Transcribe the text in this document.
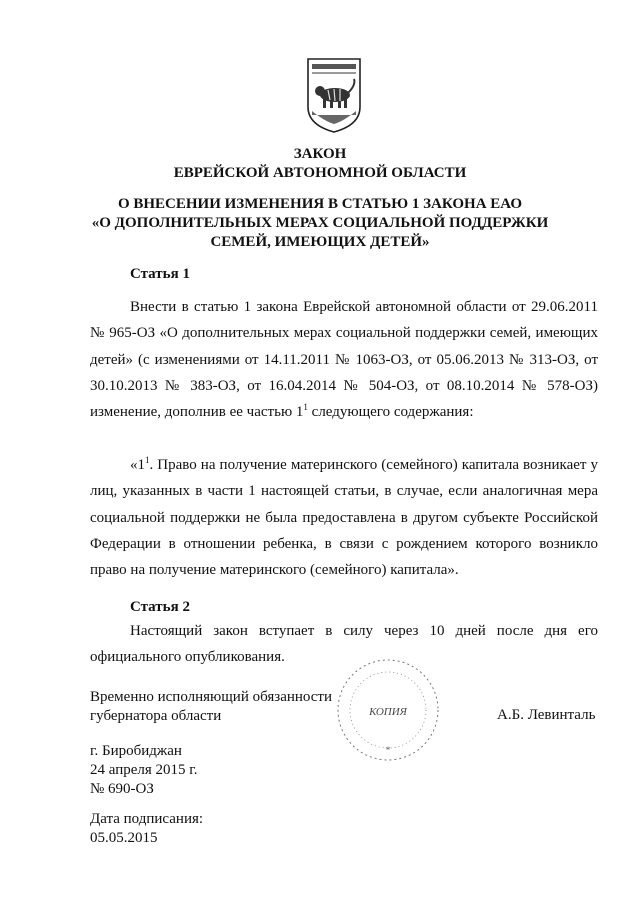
ЗАКОН
ЕВРЕЙСКОЙ АВТОНОМНОЙ ОБЛАСТИ
О ВНЕСЕНИИ ИЗМЕНЕНИЯ В СТАТЬЮ 1 ЗАКОНА ЕАО
«О ДОПОЛНИТЕЛЬНЫХ МЕРАХ СОЦИАЛЬНОЙ ПОДДЕРЖКИ
СЕМЕЙ, ИМЕЮЩИХ ДЕТЕЙ»
Статья 1
Внести в статью 1 закона Еврейской автономной области от 29.06.2011 № 965-ОЗ «О дополнительных мерах социальной поддержки семей, имеющих детей» (с изменениями от 14.11.2011 № 1063-ОЗ, от 05.06.2013 № 313-ОЗ, от 30.10.2013 № 383-ОЗ, от 16.04.2014 № 504-ОЗ, от 08.10.2014 № 578-ОЗ) изменение, дополнив ее частью $1^1$ следующего содержания:
«$1^1$. Право на получение материнского (семейного) капитала возникает у лиц, указанных в части 1 настоящей статьи, в случае, если аналогичная мера социальной поддержки не была предоставлена в другом субъекте Российской Федерации в отношении ребенка, в связи с рождением которого возникло право на получение материнского (семейного) капитала».
Статья 2
Настоящий закон вступает в силу через 10 дней после дня его официального опубликования.
Временно исполняющий обязанности
губернатора области	А.Б. Левинталь
КОПИЯ
*
г. Биробиджан
24 апреля 2015 г.
№ 690-ОЗ
Дата подписания:
05.05.2015
